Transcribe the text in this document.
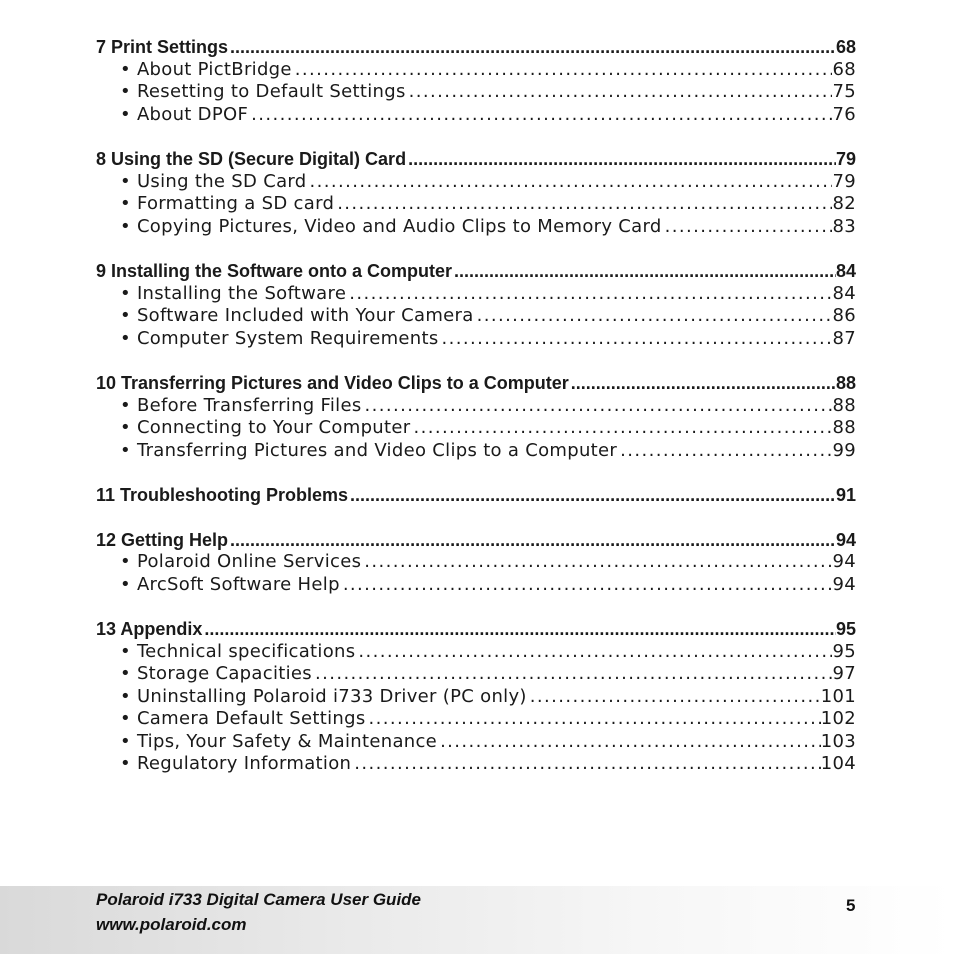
7 Print Settings .....	68
• About PictBridge .....	68
• Resetting to Default Settings .....	75
• About DPOF .....	76
8 Using the SD (Secure Digital) Card .....	79
• Using the SD Card .....	79
• Formatting a SD card .....	82
• Copying Pictures, Video and Audio Clips to Memory Card .....	83
9 Installing the Software onto a Computer .....	84
• Installing the Software .....	84
• Software Included with Your Camera .....	86
• Computer System Requirements .....	87
10 Transferring Pictures and Video Clips to a Computer .....	88
• Before Transferring Files .....	88
• Connecting to Your Computer .....	88
• Transferring Pictures and Video Clips to a Computer .....	99
11 Troubleshooting Problems .....	91
12 Getting Help .....	94
• Polaroid Online Services .....	94
• ArcSoft Software Help .....	94
13 Appendix .....	95
• Technical specifications .....	95
• Storage Capacities .....	97
• Uninstalling Polaroid i733 Driver (PC only) .....	101
• Camera Default Settings .....	102
• Tips, Your Safety & Maintenance .....	103
• Regulatory Information .....	104
Polaroid i733 Digital Camera User Guide
www.polaroid.com
5
